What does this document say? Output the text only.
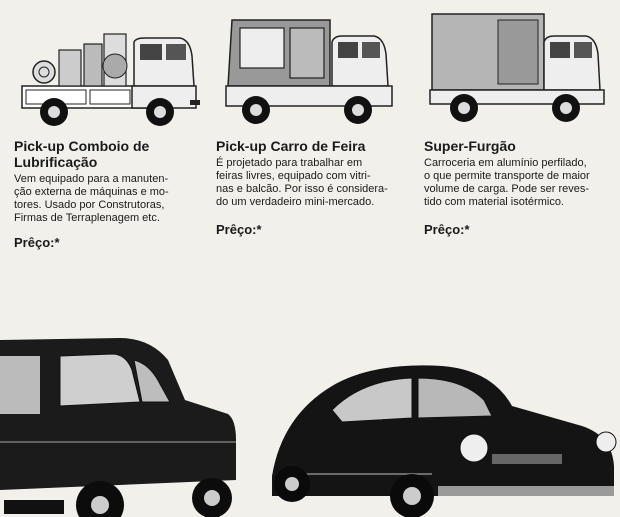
Pick-up Comboio de
Lubrificação

Vem equipado para a manuten-
ção externa de máquinas e mo-
tores. Usado por Construtoras,
Firmas de Terraplenagem etc.

Prêço:*

Pick-up Carro de Feira

É projetado para trabalhar em
feiras livres, equipado com vitri-
nas e balcão. Por isso é considera-
do um verdadeiro mini-mercado.

Prêço:*

Super-Furgão

Carroceria em alumínio perfilado,
o que permite transporte de maior
volume de carga. Pode ser reves-
tido com material isotérmico.

Prêço:*
